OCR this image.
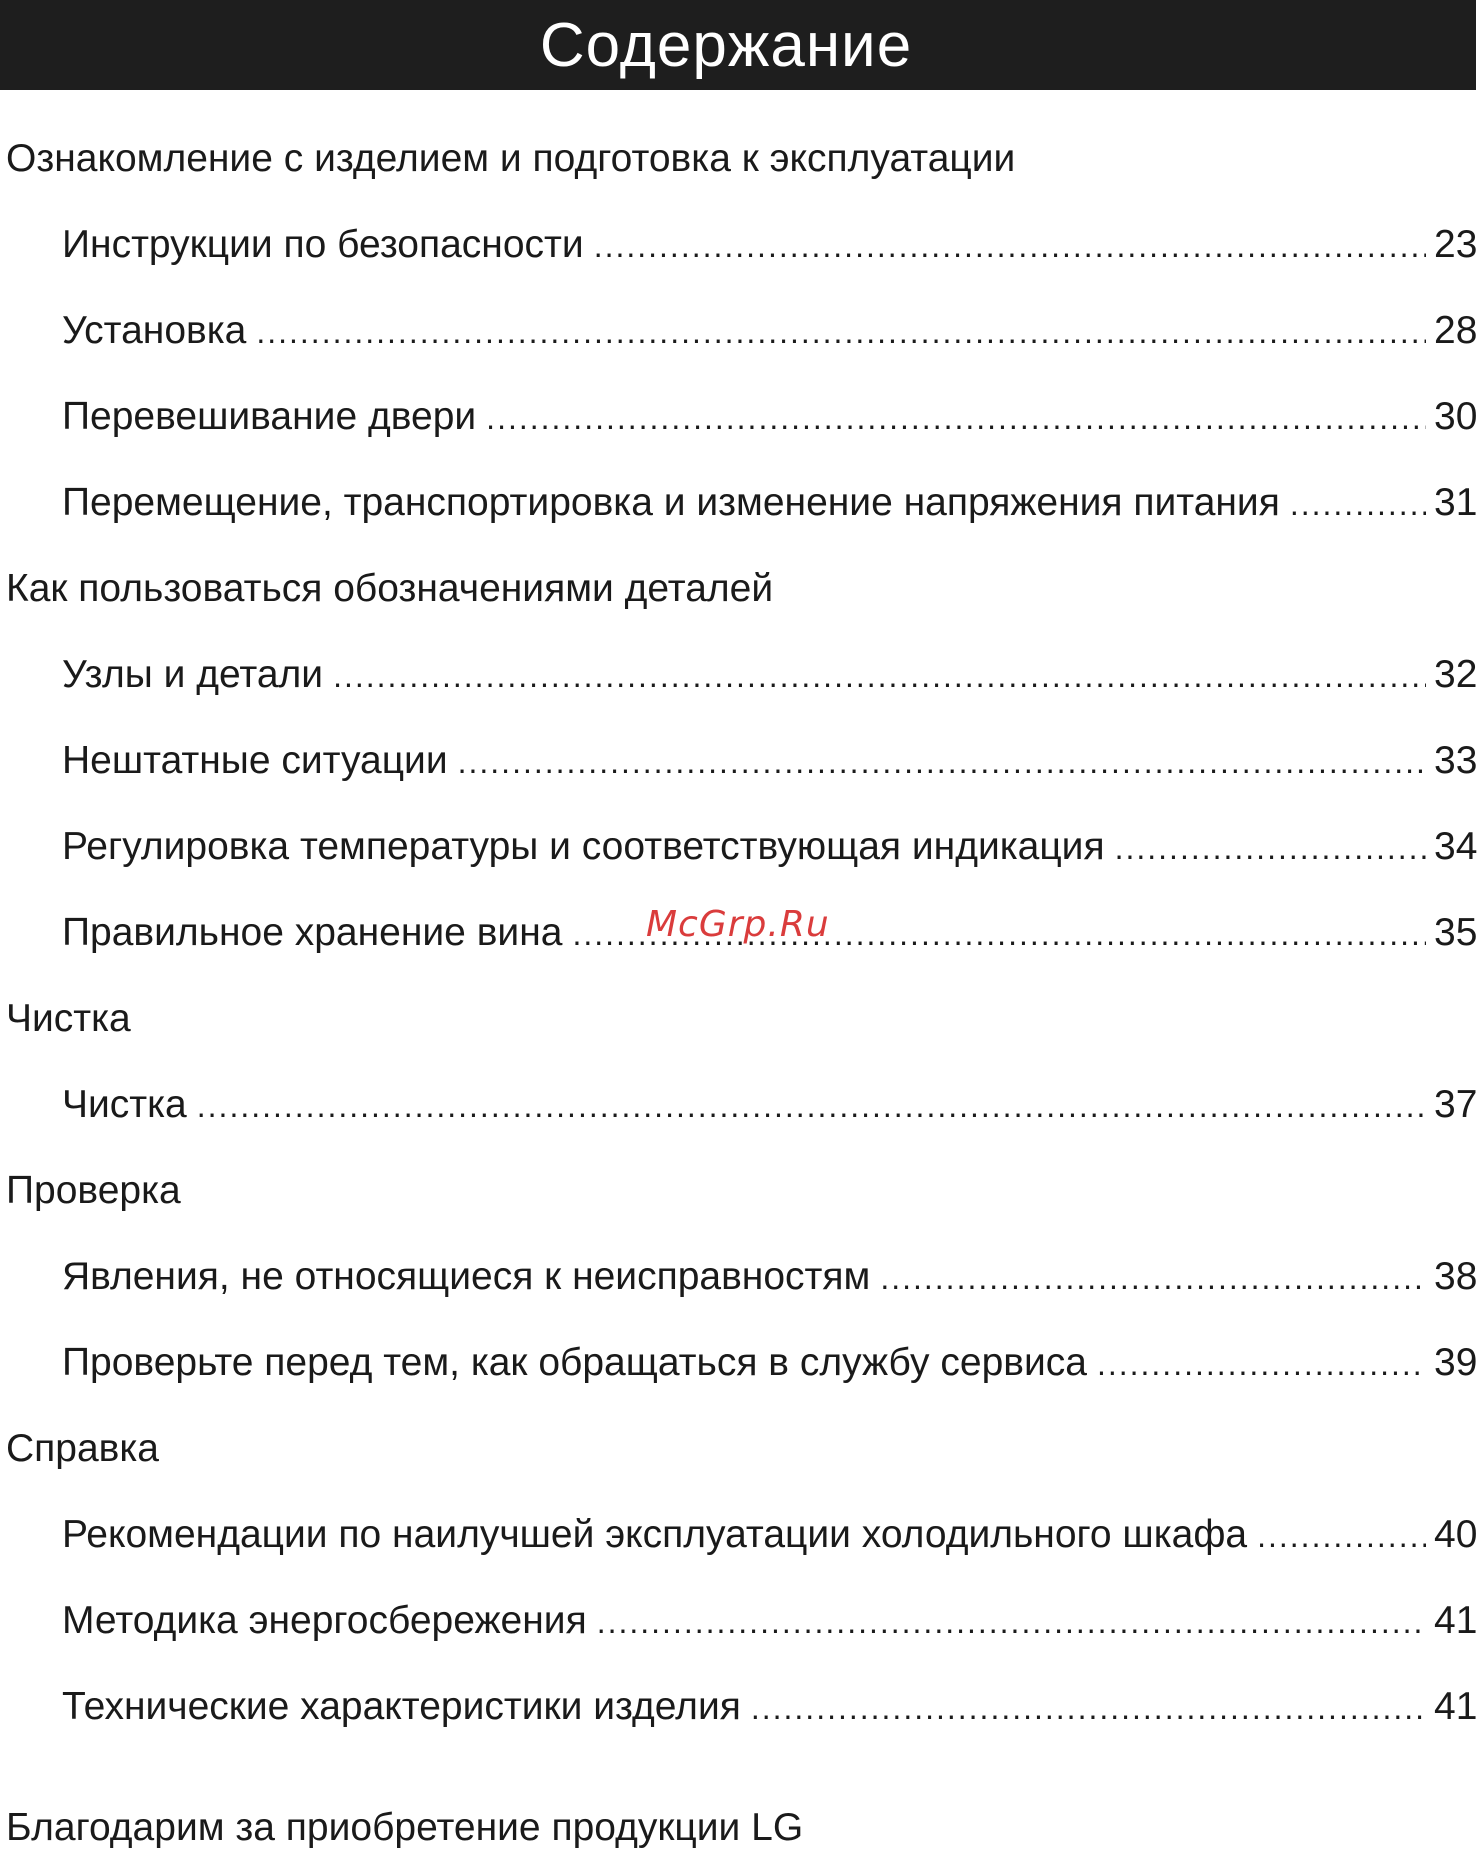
Содержание
Ознакомление с изделием и подготовка к эксплуатации
Инструкции по безопасности .....	23
Установка .....	28
Перевешивание двери .....	30
Перемещение, транспортировка и изменение напряжения питания .....	31
Как пользоваться обозначениями деталей
Узлы и детали .....	32
Нештатные ситуации .....	33
Регулировка температуры и соответствующая индикация .....	34
Правильное хранение вина .....	35
Чистка
Чистка .....	37
Проверка
Явления, не относящиеся к неисправностям .....	38
Проверьте перед тем, как обращаться в службу сервиса .....	39
Справка
Рекомендации по наилучшей эксплуатации холодильного шкафа .....	40
Методика энергосбережения .....	41
Технические характеристики изделия .....	41
McGrp.Ru
Благодарим за приобретение продукции LG
